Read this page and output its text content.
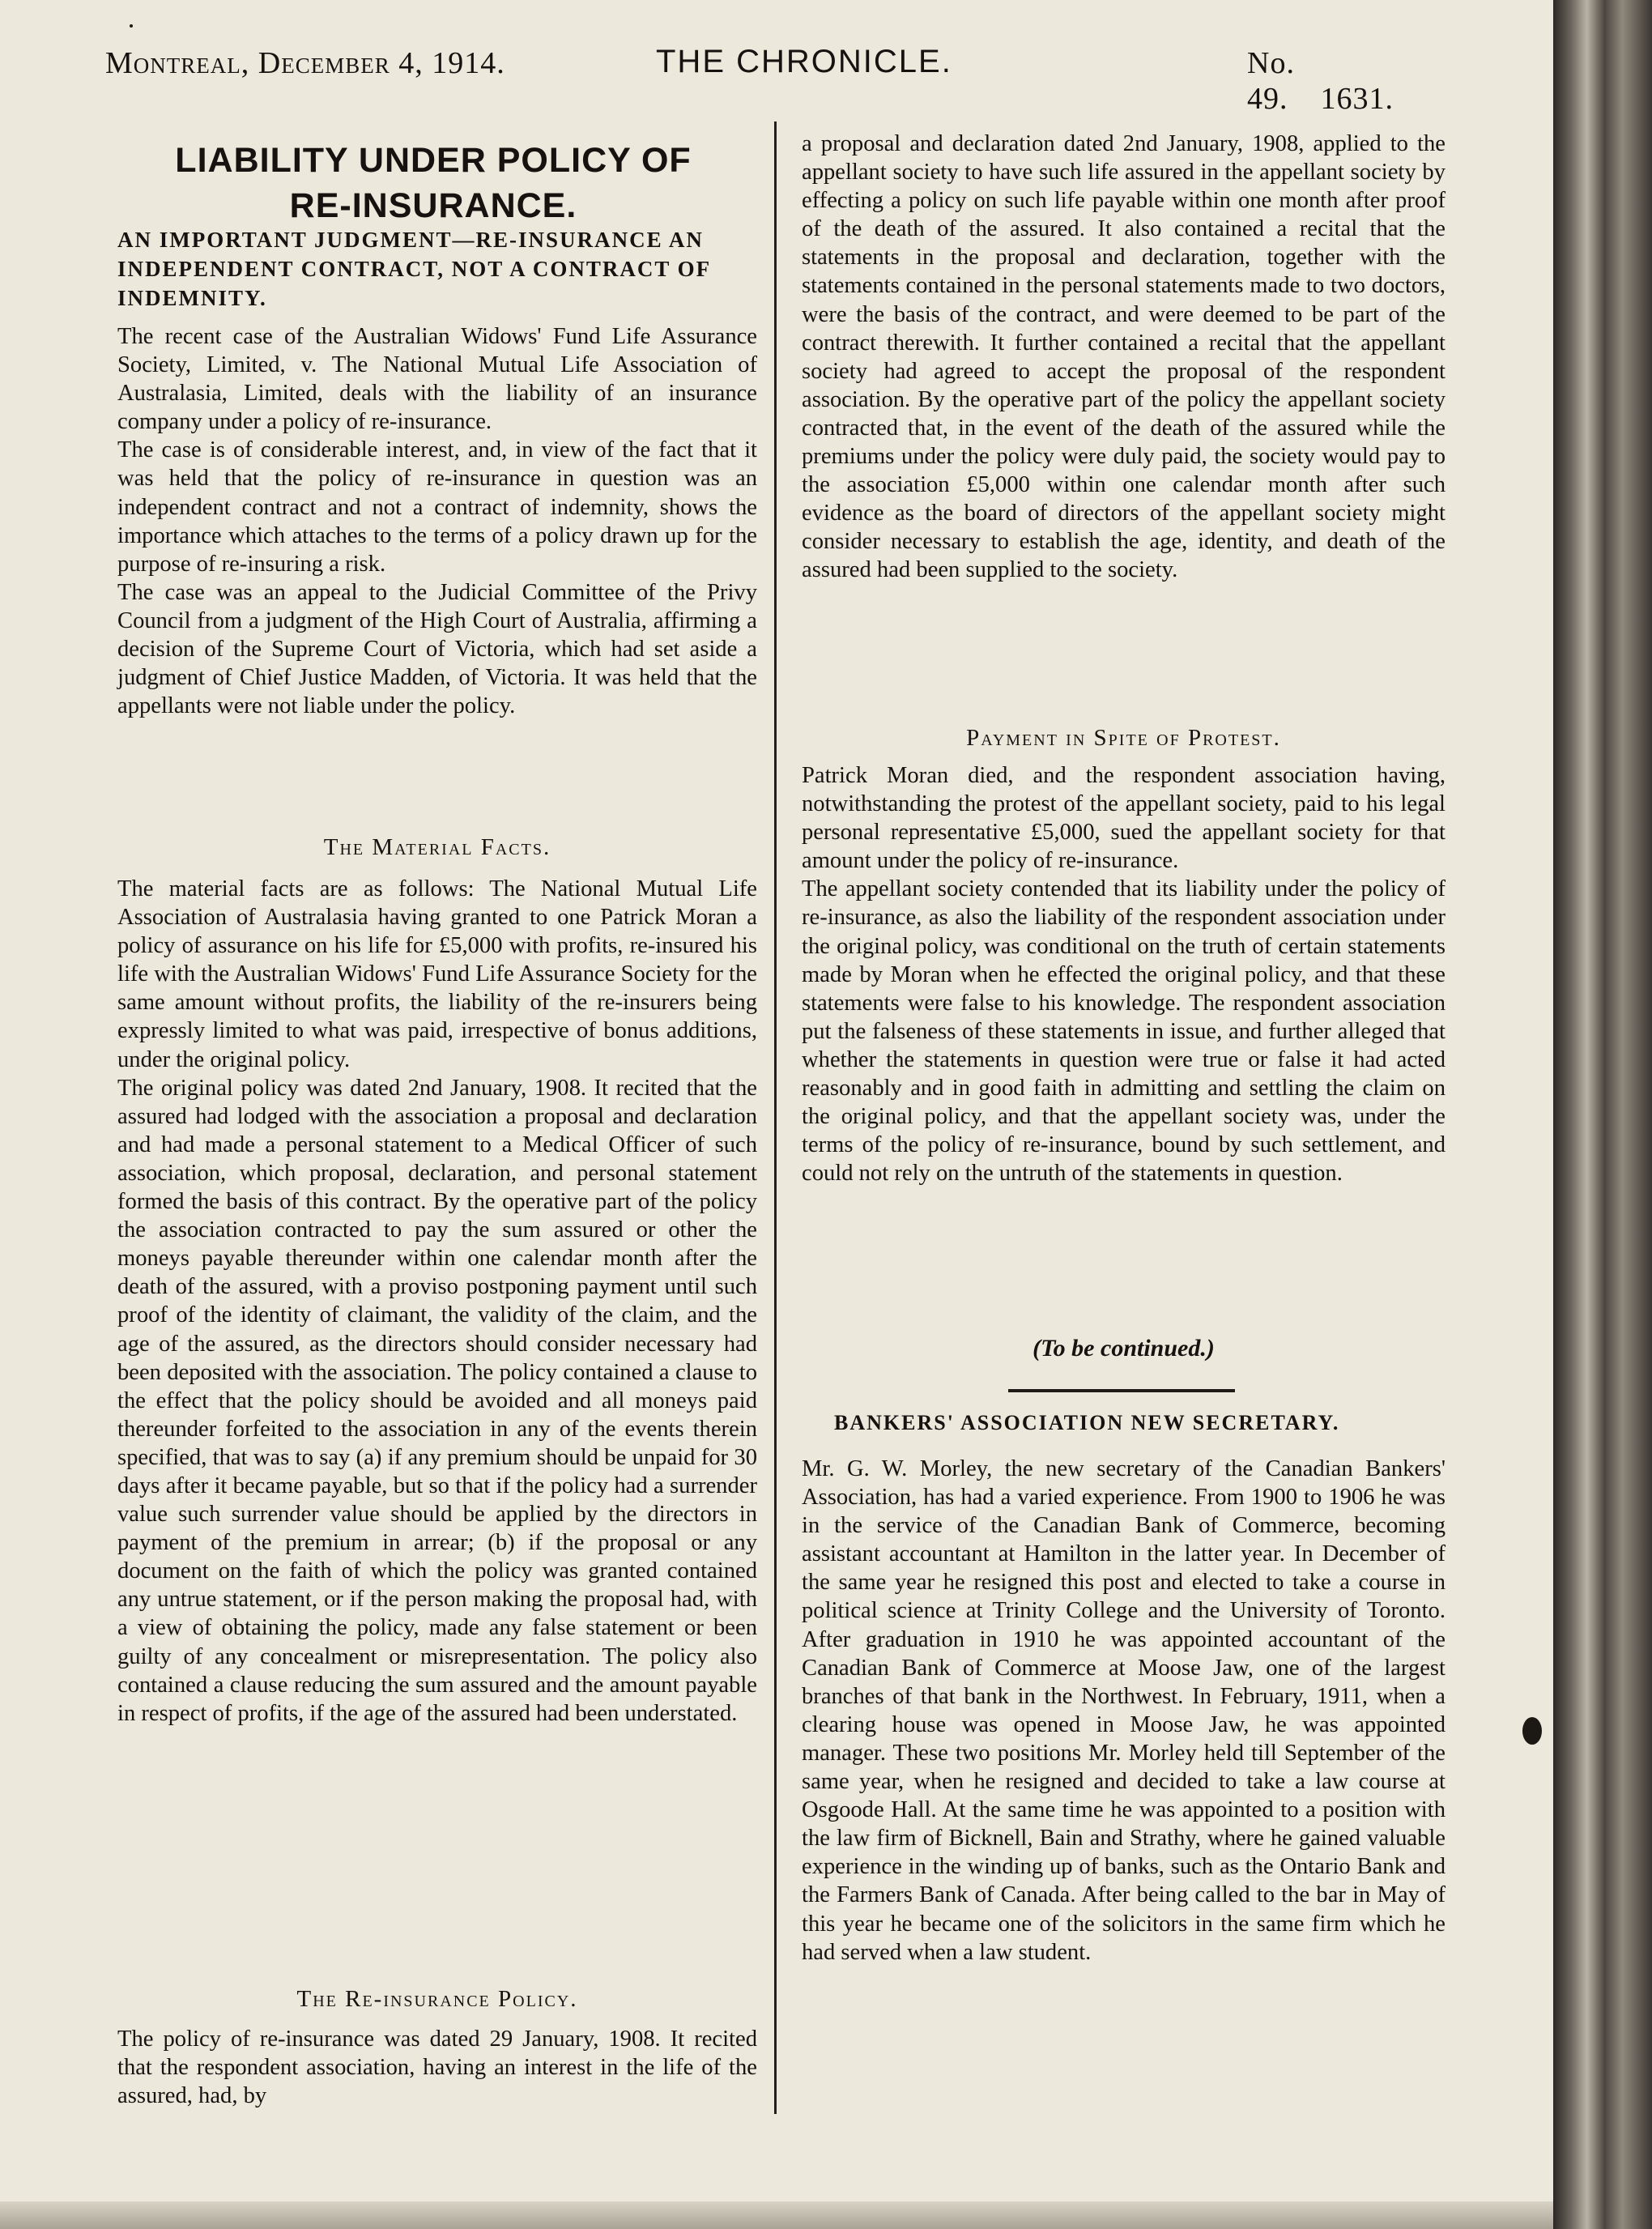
Montreal, December 4, 1914.	THE CHRONICLE.	No. 49. 1631.
LIABILITY UNDER POLICY OF
RE-INSURANCE.
AN IMPORTANT JUDGMENT—RE-INSURANCE AN INDEPENDENT CONTRACT, NOT A CONTRACT OF INDEMNITY.

The recent case of the Australian Widows' Fund Life Assurance Society, Limited, v. The National Mutual Life Association of Australasia, Limited, deals with the liability of an insurance company under a policy of re-insurance.

The case is of considerable interest, and, in view of the fact that it was held that the policy of re-insurance in question was an independent contract and not a contract of indemnity, shows the importance which attaches to the terms of a policy drawn up for the purpose of re-insuring a risk.

The case was an appeal to the Judicial Committee of the Privy Council from a judgment of the High Court of Australia, affirming a decision of the Supreme Court of Victoria, which had set aside a judgment of Chief Justice Madden, of Victoria. It was held that the appellants were not liable under the policy.

The Material Facts.

The material facts are as follows: The National Mutual Life Association of Australasia having granted to one Patrick Moran a policy of assurance on his life for £5,000 with profits, re-insured his life with the Australian Widows' Fund Life Assurance Society for the same amount without profits, the liability of the re-insurers being expressly limited to what was paid, irrespective of bonus additions, under the original policy.

The original policy was dated 2nd January, 1908. It recited that the assured had lodged with the association a proposal and declaration and had made a personal statement to a Medical Officer of such association, which proposal, declaration, and personal statement formed the basis of this contract. By the operative part of the policy the association contracted to pay the sum assured or other the moneys payable thereunder within one calendar month after the death of the assured, with a proviso postponing payment until such proof of the identity of claimant, the validity of the claim, and the age of the assured, as the directors should consider necessary had been deposited with the association. The policy contained a clause to the effect that the policy should be avoided and all moneys paid thereunder forfeited to the association in any of the events therein specified, that was to say (a) if any premium should be unpaid for 30 days after it became payable, but so that if the policy had a surrender value such surrender value should be applied by the directors in payment of the premium in arrear; (b) if the proposal or any document on the faith of which the policy was granted contained any untrue statement, or if the person making the proposal had, with a view of obtaining the policy, made any false statement or been guilty of any concealment or misrepresentation. The policy also contained a clause reducing the sum assured and the amount payable in respect of profits, if the age of the assured had been understated.

The Re-insurance Policy.

The policy of re-insurance was dated 29 January, 1908. It recited that the respondent association, having an interest in the life of the assured, had, by

a proposal and declaration dated 2nd January, 1908, applied to the appellant society to have such life assured in the appellant society by effecting a policy on such life payable within one month after proof of the death of the assured. It also contained a recital that the statements in the proposal and declaration, together with the statements contained in the personal statements made to two doctors, were the basis of the contract, and were deemed to be part of the contract therewith. It further contained a recital that the appellant society had agreed to accept the proposal of the respondent association. By the operative part of the policy the appellant society contracted that, in the event of the death of the assured while the premiums under the policy were duly paid, the society would pay to the association £5,000 within one calendar month after such evidence as the board of directors of the appellant society might consider necessary to establish the age, identity, and death of the assured had been supplied to the society.

Payment in Spite of Protest.

Patrick Moran died, and the respondent association having, notwithstanding the protest of the appellant society, paid to his legal personal representative £5,000, sued the appellant society for that amount under the policy of re-insurance.

The appellant society contended that its liability under the policy of re-insurance, as also the liability of the respondent association under the original policy, was conditional on the truth of certain statements made by Moran when he effected the original policy, and that these statements were false to his knowledge. The respondent association put the falseness of these statements in issue, and further alleged that whether the statements in question were true or false it had acted reasonably and in good faith in admitting and settling the claim on the original policy, and that the appellant society was, under the terms of the policy of re-insurance, bound by such settlement, and could not rely on the untruth of the statements in question.

(To be continued.)
BANKERS' ASSOCIATION NEW SECRETARY.

Mr. G. W. Morley, the new secretary of the Canadian Bankers' Association, has had a varied experience. From 1900 to 1906 he was in the service of the Canadian Bank of Commerce, becoming assistant accountant at Hamilton in the latter year. In December of the same year he resigned this post and elected to take a course in political science at Trinity College and the University of Toronto. After graduation in 1910 he was appointed accountant of the Canadian Bank of Commerce at Moose Jaw, one of the largest branches of that bank in the Northwest. In February, 1911, when a clearing house was opened in Moose Jaw, he was appointed manager. These two positions Mr. Morley held till September of the same year, when he resigned and decided to take a law course at Osgoode Hall. At the same time he was appointed to a position with the law firm of Bicknell, Bain and Strathy, where he gained valuable experience in the winding up of banks, such as the Ontario Bank and the Farmers Bank of Canada. After being called to the bar in May of this year he became one of the solicitors in the same firm which he had served when a law student.
